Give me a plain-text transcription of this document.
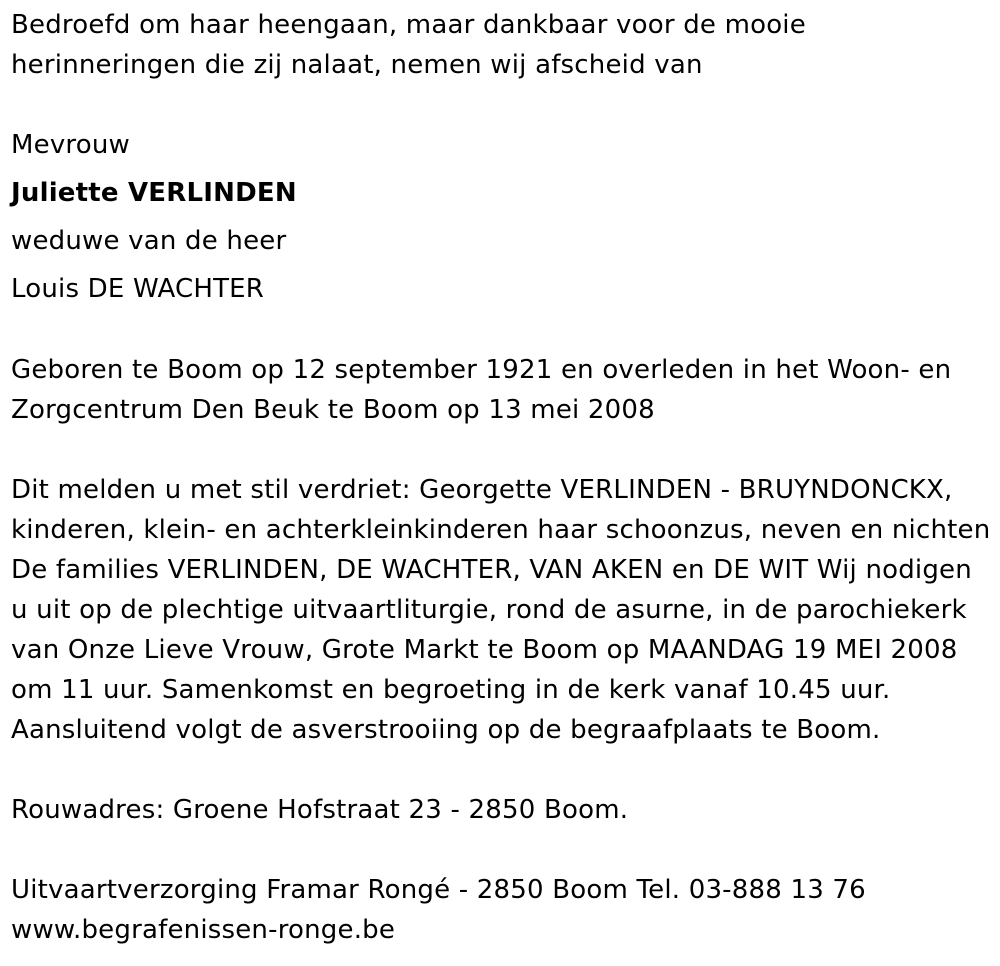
Bedroefd om haar heengaan, maar dankbaar voor de mooie
herinneringen die zij nalaat, nemen wij afscheid van
Mevrouw
Juliette VERLINDEN
weduwe van de heer
Louis DE WACHTER
Geboren te Boom op 12 september 1921 en overleden in het Woon- en
Zorgcentrum Den Beuk te Boom op 13 mei 2008
Dit melden u met stil verdriet: Georgette VERLINDEN - BRUYNDONCKX,
kinderen, klein- en achterkleinkinderen haar schoonzus, neven en nichten
De families VERLINDEN, DE WACHTER, VAN AKEN en DE WIT Wij nodigen
u uit op de plechtige uitvaartliturgie, rond de asurne, in de parochiekerk
van Onze Lieve Vrouw, Grote Markt te Boom op MAANDAG 19 MEI 2008
om 11 uur. Samenkomst en begroeting in de kerk vanaf 10.45 uur.
Aansluitend volgt de asverstrooiing op de begraafplaats te Boom.
Rouwadres: Groene Hofstraat 23 - 2850 Boom.
Uitvaartverzorging Framar Rongé - 2850 Boom Tel. 03-888 13 76
www.begrafenissen-ronge.be
